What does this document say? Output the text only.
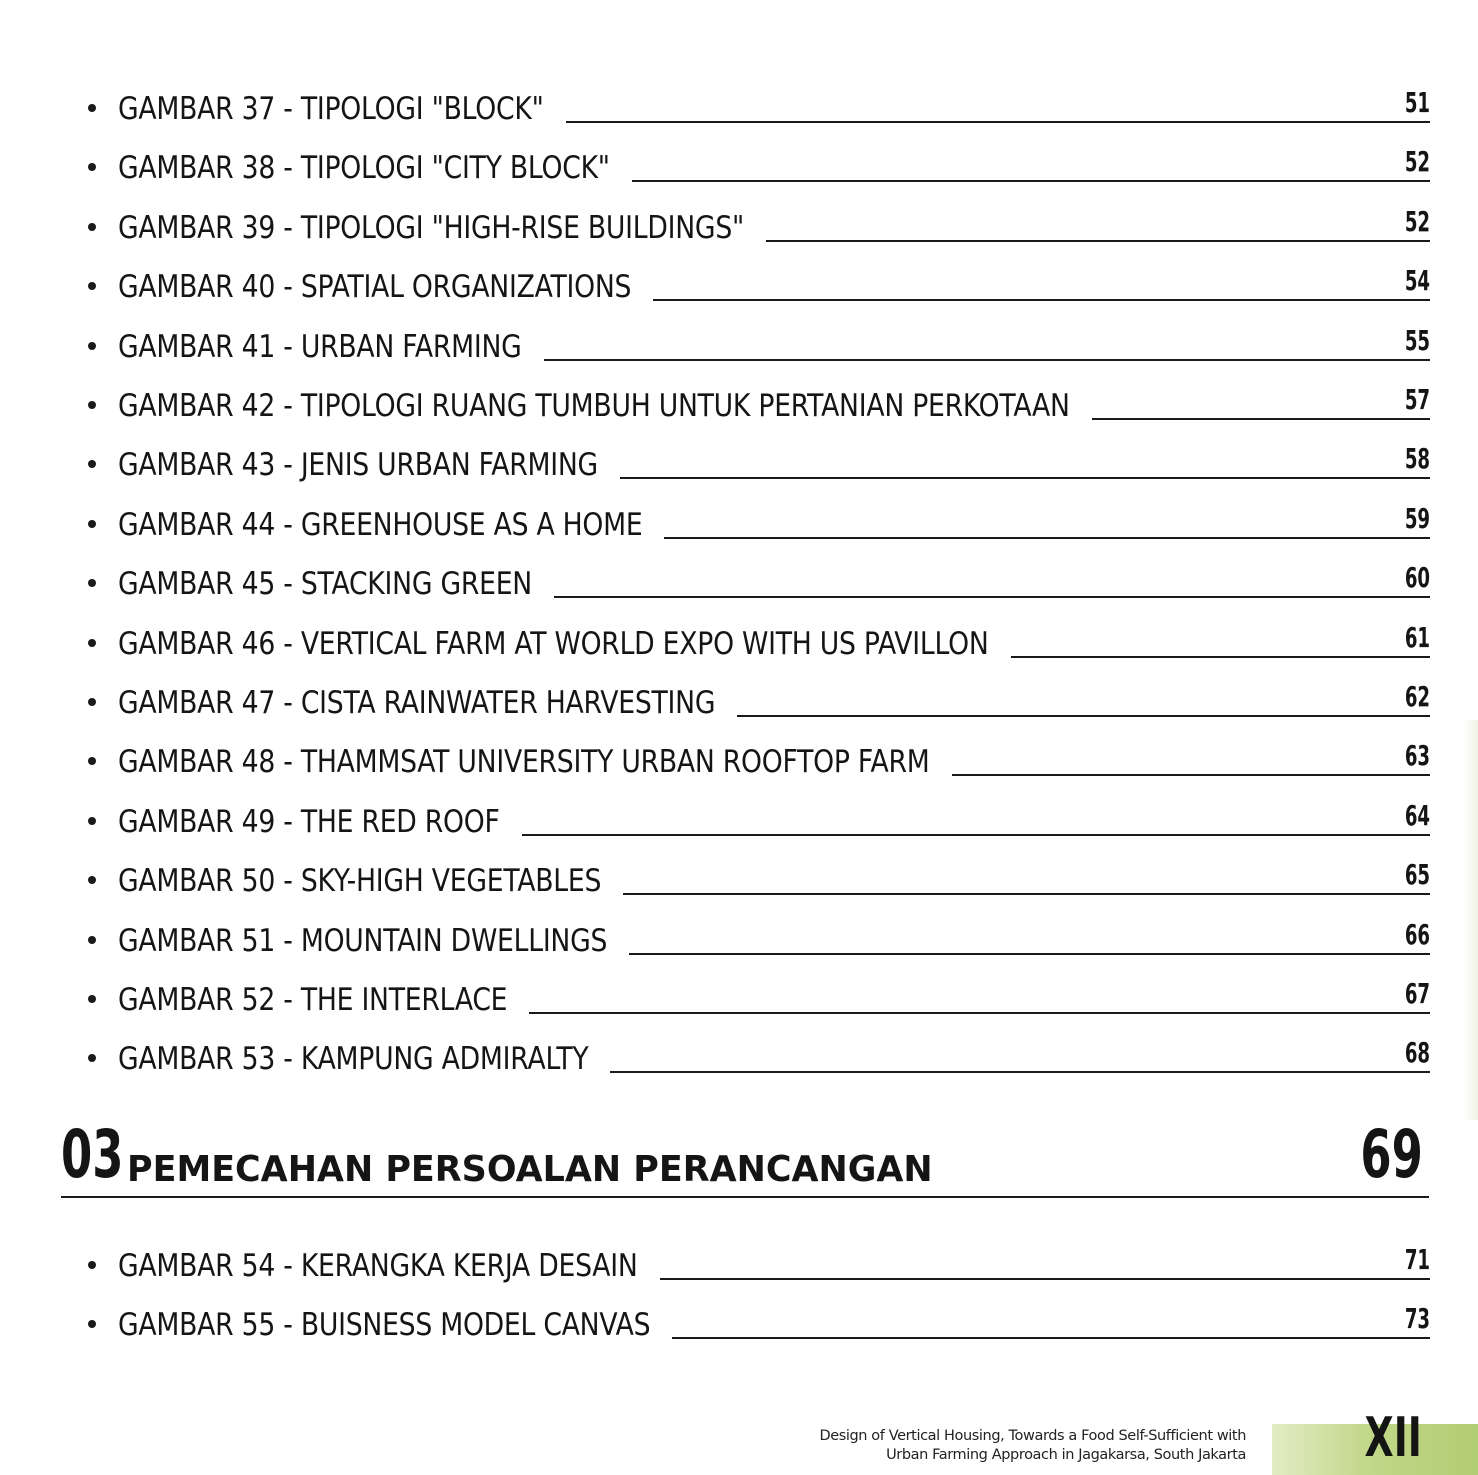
GAMBAR 37 - TIPOLOGI "BLOCK"	51
GAMBAR 38 - TIPOLOGI "CITY BLOCK"	52
GAMBAR 39 - TIPOLOGI "HIGH-RISE BUILDINGS"	52
GAMBAR 40 - SPATIAL ORGANIZATIONS	54
GAMBAR 41 - URBAN FARMING	55
GAMBAR 42 - TIPOLOGI RUANG TUMBUH UNTUK PERTANIAN PERKOTAAN	57
GAMBAR 43 - JENIS URBAN FARMING	58
GAMBAR 44 - GREENHOUSE AS A HOME	59
GAMBAR 45 - STACKING GREEN	60
GAMBAR 46 - VERTICAL FARM AT WORLD EXPO WITH US PAVILLON	61
GAMBAR 47 - CISTA RAINWATER HARVESTING	62
GAMBAR 48 - THAMMSAT UNIVERSITY URBAN ROOFTOP FARM	63
GAMBAR 49 - THE RED ROOF	64
GAMBAR 50 - SKY-HIGH VEGETABLES	65
GAMBAR 51 - MOUNTAIN DWELLINGS	66
GAMBAR 52 - THE INTERLACE	67
GAMBAR 53 - KAMPUNG ADMIRALTY	68
GAMBAR 54 - KERANGKA KERJA DESAIN	71
GAMBAR 55 - BUISNESS MODEL CANVAS	73
03 PEMECAHAN PERSOALAN PERANCANGAN	69
Design of Vertical Housing, Towards a Food Self-Sufficient with
Urban Farming Approach in Jagakarsa, South Jakarta XII
